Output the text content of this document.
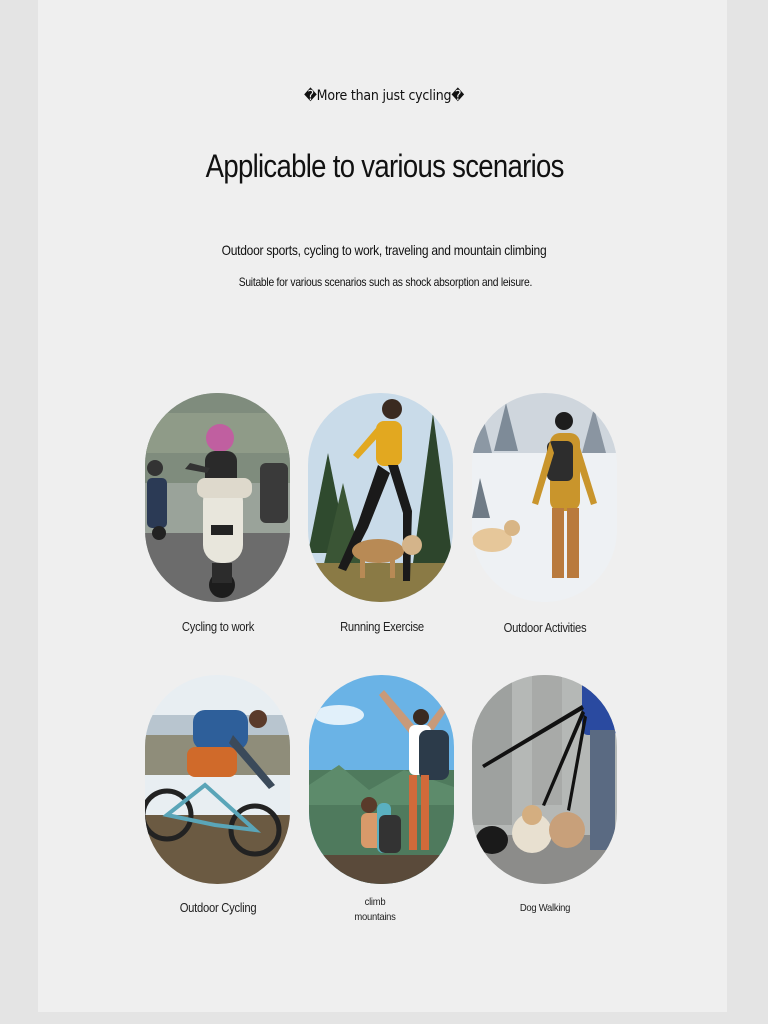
�More than just cycling�
Applicable to various scenarios
Outdoor sports, cycling to work, traveling and mountain climbing
Suitable for various scenarios such as shock absorption and leisure.
Cycling to work	Running Exercise	Outdoor Activities
Outdoor Cycling	climb
mountains
Dog Walking
